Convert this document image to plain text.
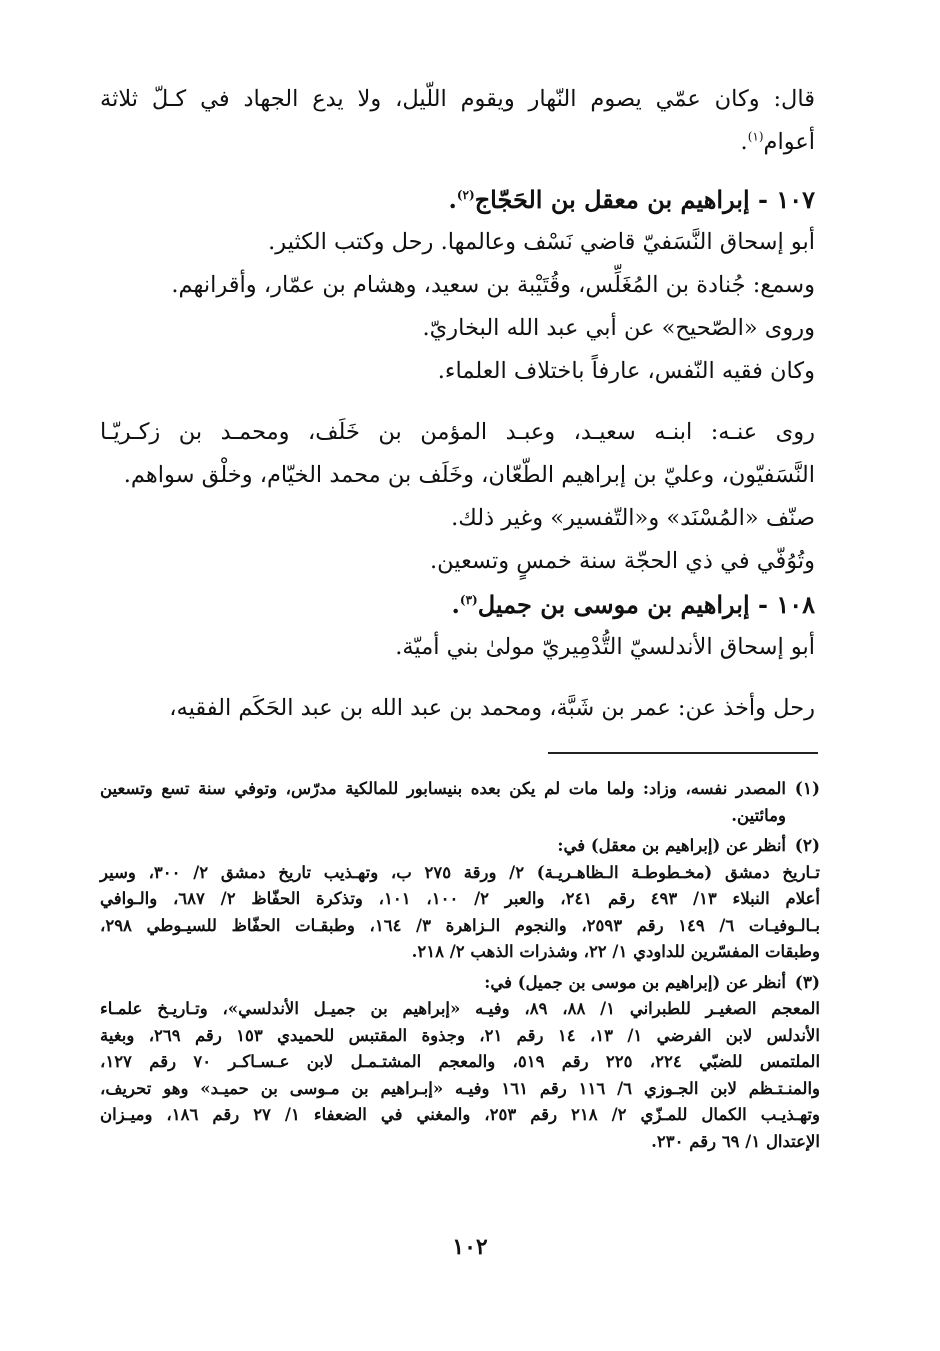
قال: وكان عمّي يصوم النّهار ويقوم اللّيل، ولا يدع الجهاد في كـلّ ثلاثة
أعوام$^{(١)}$.
١٠٧ - إبراهيم بن معقل بن الحَجّاج$^{(٢)}$.
أبو إسحاق النَّسَفيّ قاضي نَسْف وعالمها. رحل وكتب الكثير.
وسمع: جُنادة بن المُغَلِّس، وقُتَيْبة بن سعيد، وهشام بن عمّار، وأقرانهم.
وروى «الصّحيح» عن أبي عبد الله البخاريّ.
وكان فقيه النّفس، عارفاً باختلاف العلماء.
روى عنـه: ابنـه سعيـد، وعبـد المؤمن بن خَلَف، ومحمـد بن زكـريّـا
النَّسَفيّون، وعليّ بن إبراهيم الطّعّان، وخَلَف بن محمد الخيّام، وخلْق سواهم.
صنّف «المُسْنَد» و«التّفسير» وغير ذلك.
وتُوُفّي في ذي الحجّة سنة خمسٍ وتسعين.
١٠٨ - إبراهيم بن موسى بن جميل$^{(٣)}$.
أبو إسحاق الأندلسيّ التُّدْمِيريّ مولىٰ بني أميّة.
رحل وأخذ عن: عمر بن شَبَّة، ومحمد بن عبد الله بن عبد الحَكَم الفقيه،
(١)
المصدر نفسه، وزاد: ولما مات لم يكن بعده بنيسابور للمالكية مدرّس، وتوفي سنة تسع وتسعين
ومائتين.
(٢)
أنظر عن (إبراهيم بن معقل) في:
تـاريخ دمشق (مخـطوطـة الـظاهـريـة) ٢/ ورقة ٢٧٥ ب، وتهـذيب تاريخ دمشق ٢/ ٣٠٠، وسير
أعلام النبلاء ١٣/ ٤٩٣ رقم ٢٤١، والعبر ٢/ ١٠٠، ١٠١، وتذكرة الحفّاظ ٢/ ٦٨٧، والـوافي
بـالـوفيـات ٦/ ١٤٩ رقم ٢٥٩٣، والنجوم الـزاهرة ٣/ ١٦٤، وطبقـات الحفّاظ للسيـوطي ٢٩٨،
وطبقات المفسّرين للداودي ١/ ٢٢، وشذرات الذهب ٢/ ٢١٨.
(٣)
أنظر عن (إبراهيم بن موسى بن جميل) في:
المعجم الصغيـر للطبراني ١/ ٨٨، ٨٩، وفيـه «إبراهيم بن جميـل الأندلسي»، وتـاريـخ علمـاء
الأندلس لابن الفرضي ١/ ١٣، ١٤ رقم ٢١، وجذوة المقتبس للحميدي ١٥٣ رقم ٢٦٩، وبغية
الملتمس للضبّي ٢٢٤، ٢٢٥ رقم ٥١٩، والمعجم المشتـمـل لابن عـسـاكـر ٧٠ رقم ١٢٧،
والمنـتـظم لابن الجـوزي ٦/ ١١٦ رقم ١٦١ وفيـه «إبـراهيم بن مـوسى بن حميـد» وهو تحريف،
وتهـذيـب الكمال للمـزّي ٢/ ٢١٨ رقم ٢٥٣، والمغني في الضعفاء ١/ ٢٧ رقم ١٨٦، وميـزان
الإعتدال ١/ ٦٩ رقم ٢٣٠.
١٠٢
